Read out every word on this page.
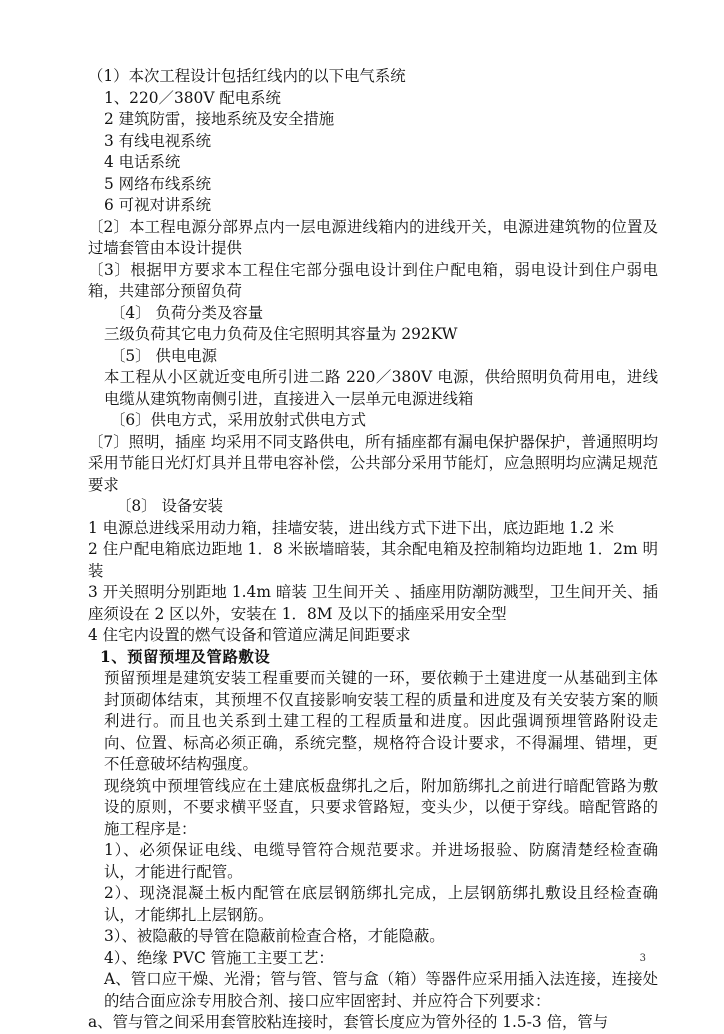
（1）本次工程设计包括红线内的以下电气系统

1、220／380V 配电系统

2 建筑防雷，接地系统及安全措施

3 有线电视系统

4 电话系统

5 网络布线系统

6 可视对讲系统

〔2〕本工程电源分部界点内一层电源进线箱内的进线开关，电源进建筑物的位置及过墙套管由本设计提供

〔3〕根据甲方要求本工程住宅部分强电设计到住户配电箱，弱电设计到住户弱电箱，共建部分预留负荷

〔4〕 负荷分类及容量

三级负荷其它电力负荷及住宅照明其容量为 292KW

〔5〕 供电电源

本工程从小区就近变电所引进二路 220／380V 电源，供给照明负荷用电，进线电缆从建筑物南侧引进，直接进入一层单元电源进线箱

〔6〕供电方式，采用放射式供电方式

〔7〕照明，插座 均采用不同支路供电，所有插座都有漏电保护器保护，普通照明均采用节能日光灯灯具并且带电容补偿，公共部分采用节能灯，应急照明均应满足规范要求

〔8〕 设备安装

1 电源总进线采用动力箱，挂墙安装，进出线方式下进下出，底边距地 1.2 米

2 住户配电箱底边距地 1．8 米嵌墙暗装，其余配电箱及控制箱均边距地 1．2m 明装

3 开关照明分别距地 1.4m 暗装 卫生间开关 、插座用防潮防溅型，卫生间开关、插座须设在 2 区以外，安装在 1．8M 及以下的插座采用安全型

4 住宅内设置的燃气设备和管道应满足间距要求

1、预留预埋及管路敷设

预留预埋是建筑安装工程重要而关键的一环，要依赖于土建进度一从基础到主体封顶砌体结束，其预埋不仅直接影响安装工程的质量和进度及有关安装方案的顺利进行。而且也关系到土建工程的工程质量和进度。因此强调预埋管路附设走向、位置、标高必须正确，系统完整，规格符合设计要求，不得漏埋、错埋，更不任意破坏结构强度。

现绕筑中预埋管线应在土建底板盘绑扎之后，附加筋绑扎之前进行暗配管路为敷设的原则，不要求横平竖直，只要求管路短，变头少，以便于穿线。暗配管路的施工程序是：

1）、必须保证电线、电缆导管符合规范要求。并进场报验、防腐清楚经检查确认，才能进行配管。

2）、现浇混凝土板内配管在底层钢筋绑扎完成，上层钢筋绑扎敷设且经检查确认，才能绑扎上层钢筋。

3）、被隐蔽的导管在隐蔽前检查合格，才能隐蔽。

4）、绝缘 PVC 管施工主要工艺：

A、管口应干燥、光滑；管与管、管与盒（箱）等器件应采用插入法连接，连接处的结合面应涂专用胶合剂、接口应牢固密封、并应符合下列要求：

a、管与管之间采用套管胶粘连接时，套管长度应为管外径的 1.5-3 倍，管与

3
